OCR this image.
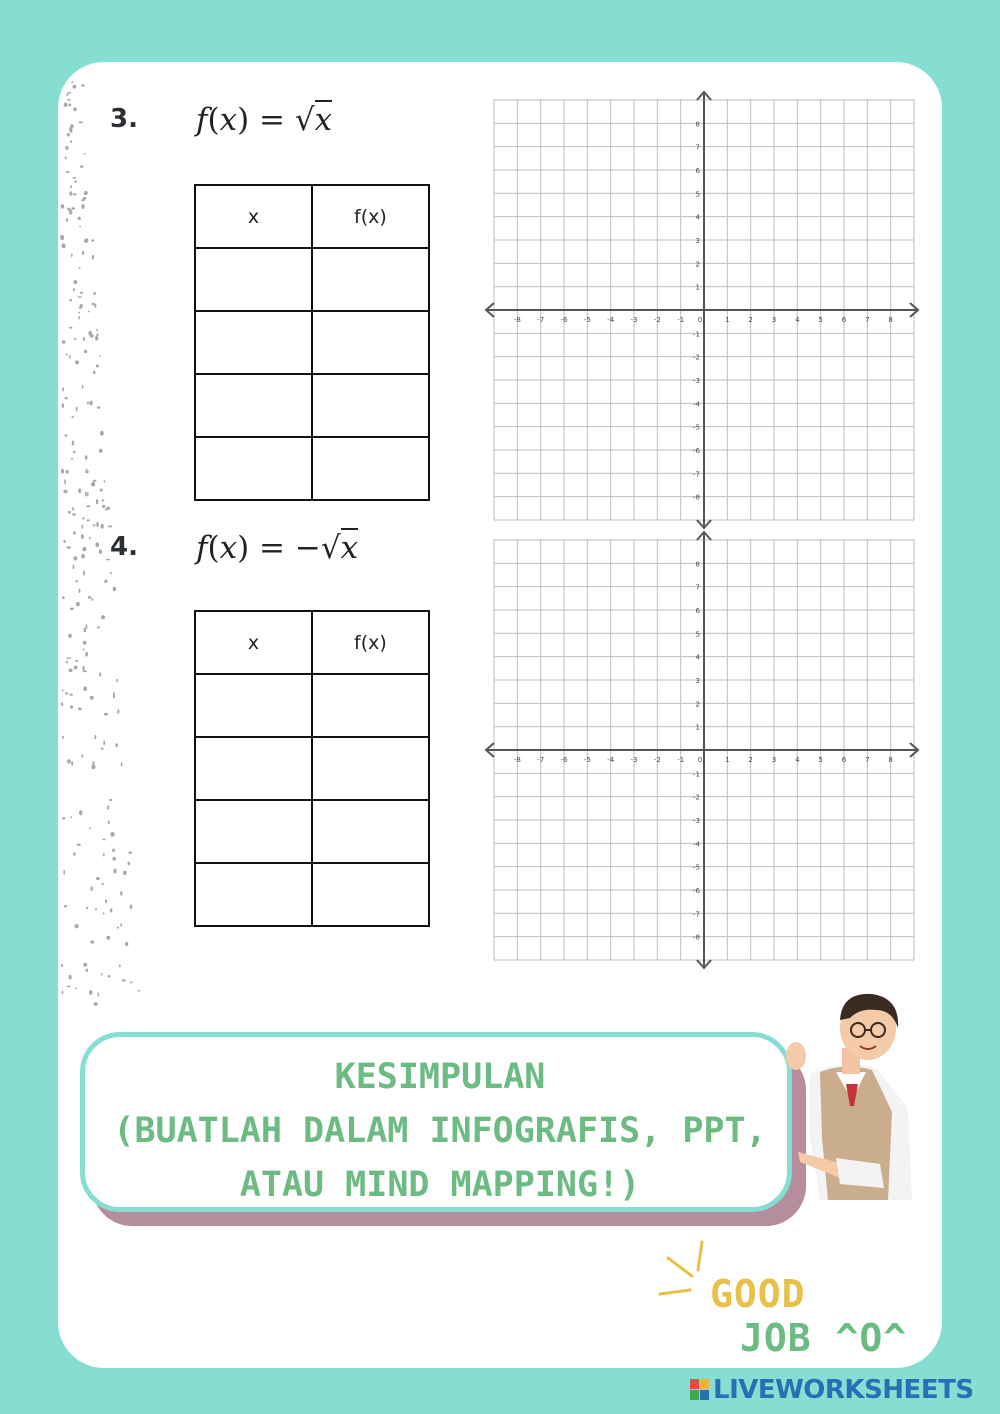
3. f(x) = √x
x	f(x)

-8 -7 -6 -5 -4 -3 -2 -1 0	1	2	3	4	5	6	7	8
8
7
6
5
4
3
2
1
-1
-2
-3
-4
-5
-6
-7
-8
4. f(x) = −√x
x	f(x)

-8 -7 -6 -5 -4 -3 -2 -1 0	1	2	3	4	5	6	7	8
8
7
6
5
4
3
2
1
-1
-2
-3
-4
-5
-6
-7
-8
KESIMPULAN
(BUATLAH DALAM INFOGRAFIS, PPT,
ATAU MIND MAPPING!)
GOOD
JOB ^O^
LIVEWORKSHEETS
